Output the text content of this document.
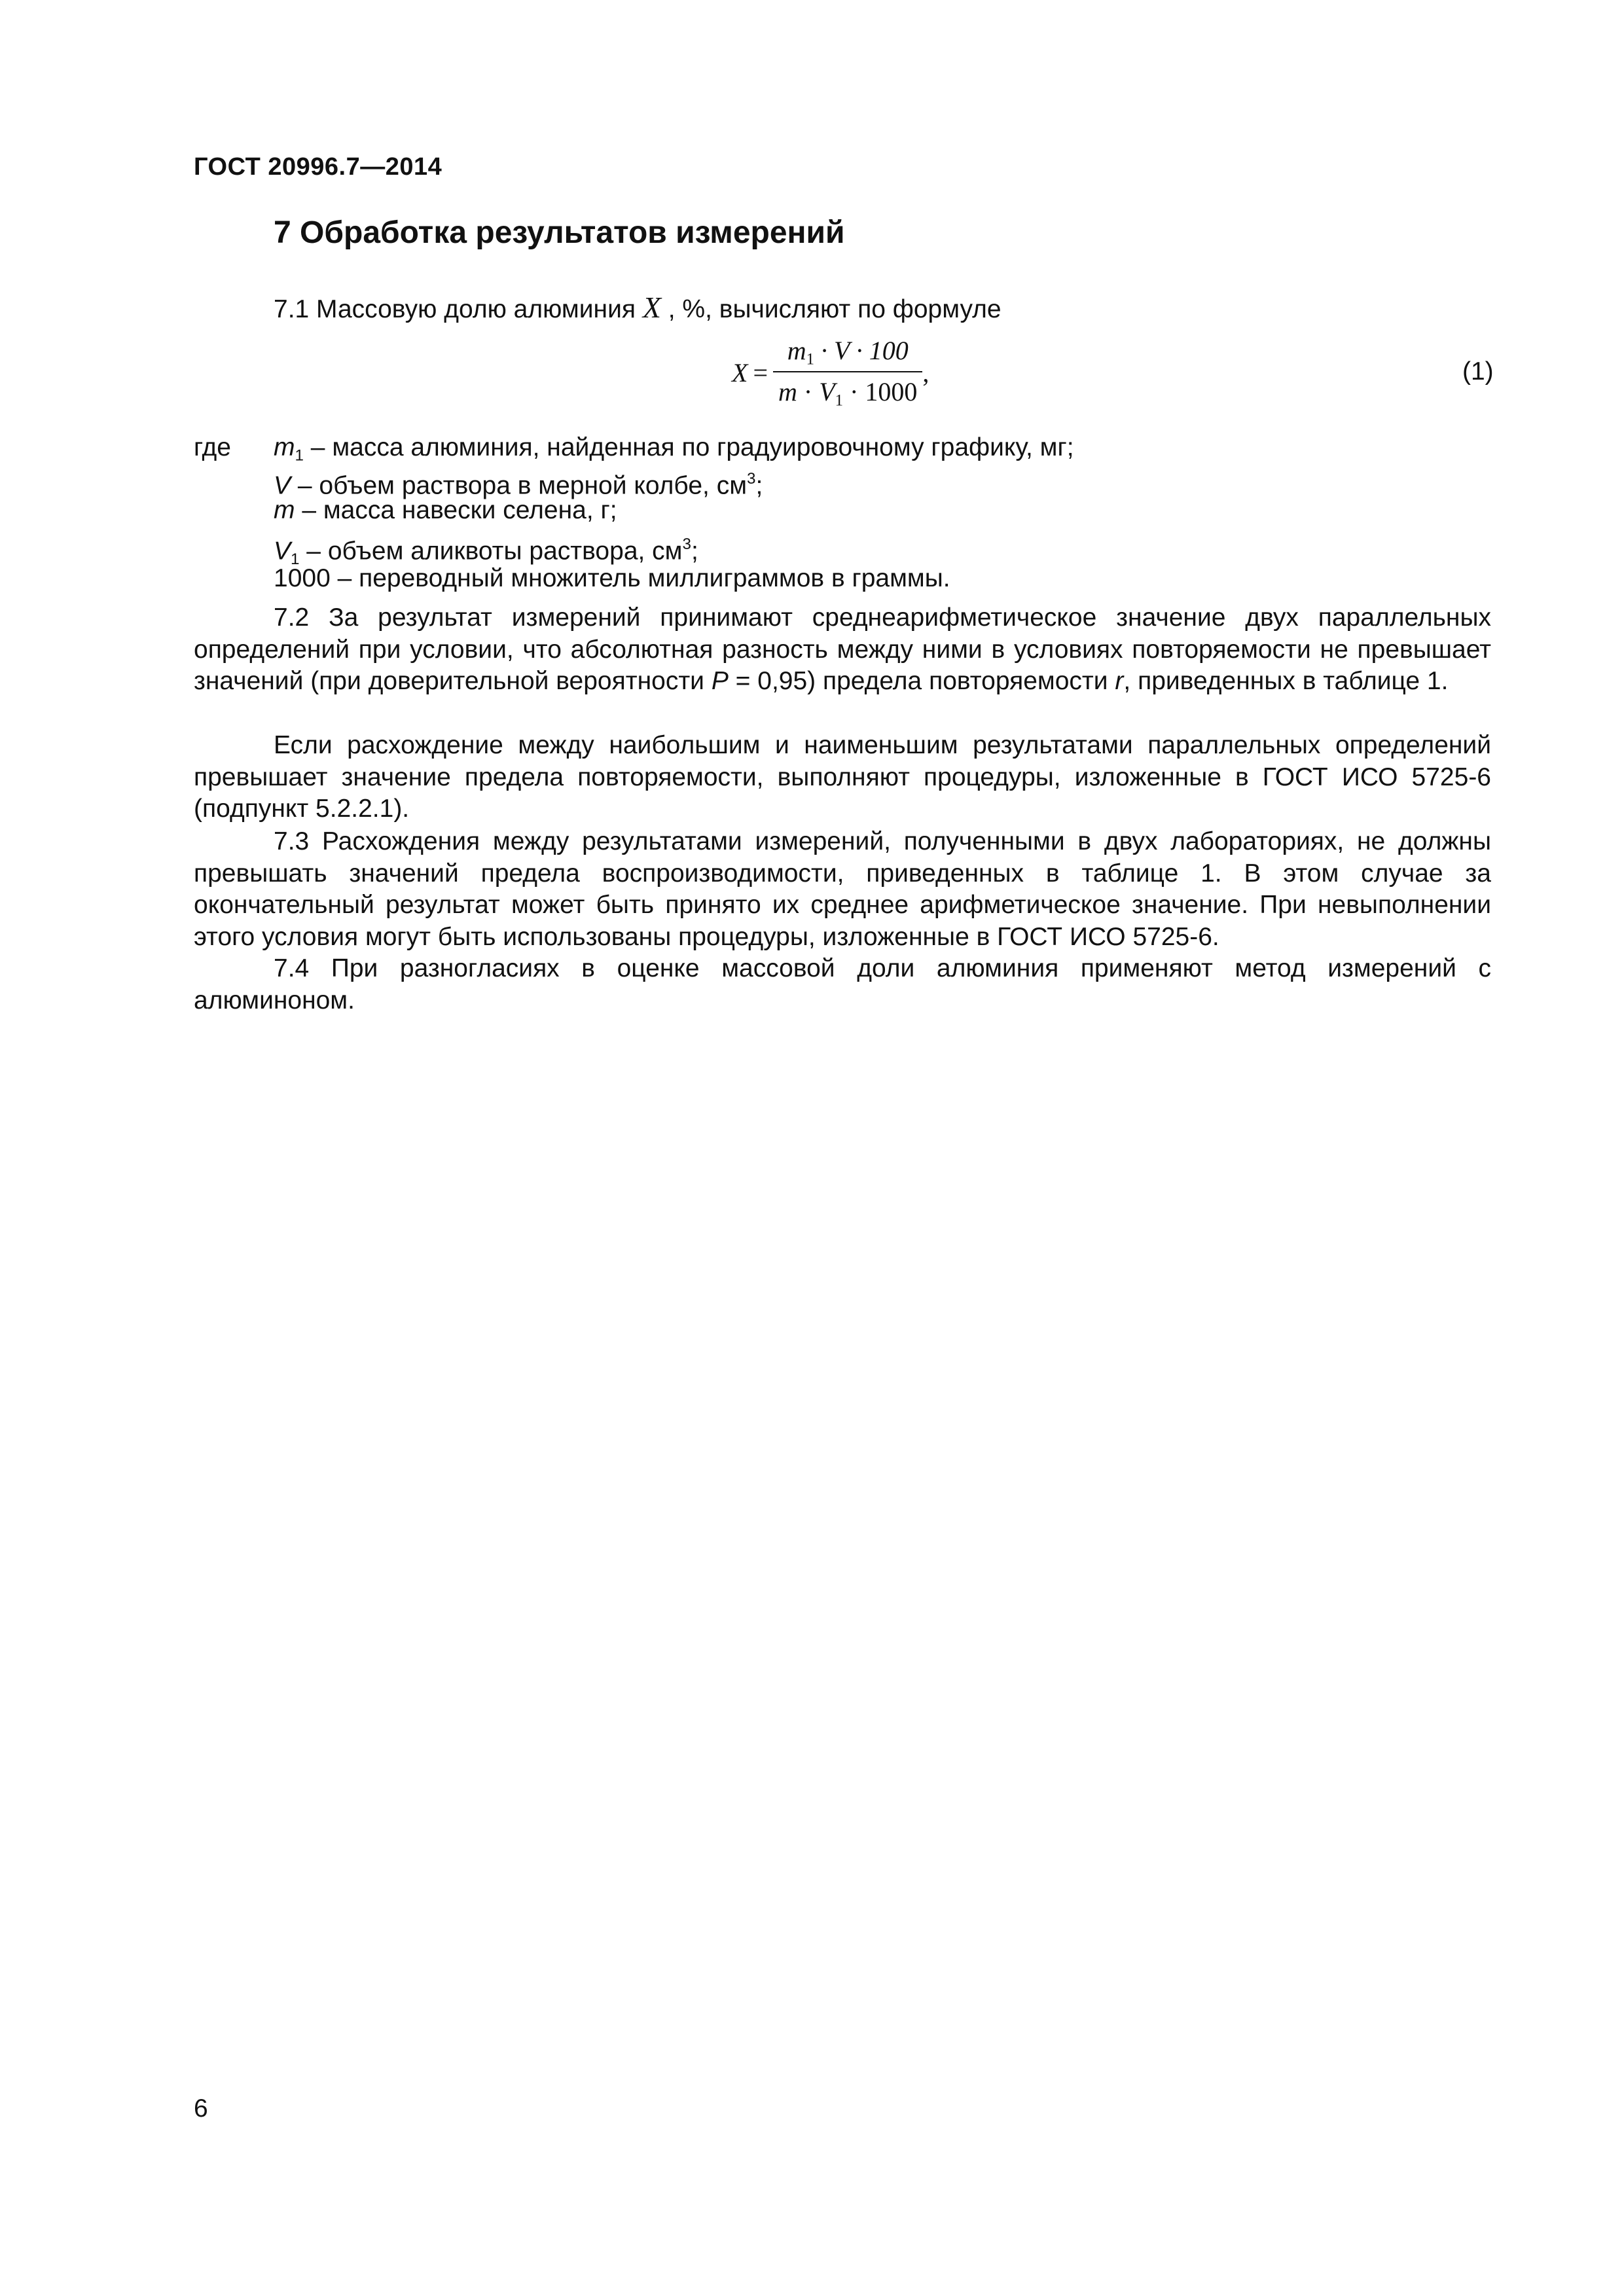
ГОСТ 20996.7—2014
7 Обработка результатов измерений
7.1 Массовую долю алюминия X , %, вычисляют по формуле
$X = \frac{m_1 \cdot V \cdot 100}{m \cdot V_1 \cdot 1000}$ ,	(1)
где $m_1$ – масса алюминия, найденная по градуировочному графику, мг;
V – объем раствора в мерной колбе, $см^3$;
m – масса навески селена, г;
$V_1$ – объем аликвоты раствора, $см^3$;
1000 – переводный множитель миллиграммов в граммы.
7.2 За результат измерений принимают среднеарифметическое значение двух параллельных определений при условии, что абсолютная разность между ними в условиях повторяемости не превышает значений (при доверительной вероятности P = 0,95) предела повторяемости r, приведенных в таблице 1.
Если расхождение между наибольшим и наименьшим результатами параллельных определений превышает значение предела повторяемости, выполняют процедуры, изложенные в ГОСТ ИСО 5725-6 (подпункт 5.2.2.1).
7.3 Расхождения между результатами измерений, полученными в двух лабораториях, не должны превышать значений предела воспроизводимости, приведенных в таблице 1. В этом случае за окончательный результат может быть принято их среднее арифметическое значение. При невыполнении этого условия могут быть использованы процедуры, изложенные в ГОСТ ИСО 5725-6.
7.4 При разногласиях в оценке массовой доли алюминия применяют метод измерений с алюминоном.
6
